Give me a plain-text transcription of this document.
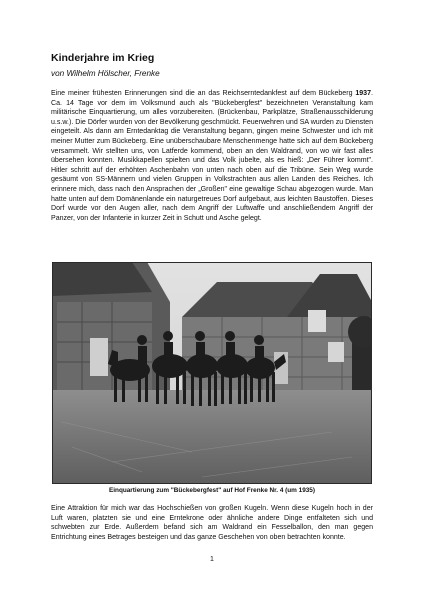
Kinderjahre im Krieg

von Wilhelm Hölscher, Frenke

Eine meiner frühesten Erinnerungen sind die an das Reichserntedankfest auf dem Bückeberg 1937. Ca. 14 Tage vor dem im Volksmund auch als "Bückebergfest" bezeichneten Veranstaltung kam militärische Einquartierung, um alles vorzubereiten. (Brückenbau, Parkplätze, Straßenausschilderung u.s.w.). Die Dörfer wurden von der Bevölkerung geschmückt. Feuerwehren und SA wurden zu Diensten eingeteilt. Als dann am Erntedanktag die Veranstaltung begann, gingen meine Schwester und ich mit meiner Mutter zum Bückeberg. Eine unüberschaubare Menschenmenge hatte sich auf dem Bückeberg versammelt. Wir stellten uns, von Latferde kommend, oben an den Waldrand, von wo wir fast alles übersehen konnten. Musikkapellen spielten und das Volk jubelte, als es hieß: „Der Führer kommt". Hitler schritt auf der erhöhten Aschenbahn von unten nach oben auf die Tribüne. Sein Weg wurde gesäumt von SS-Männern und vielen Gruppen in Volkstrachten aus allen Landen des Reiches. Ich erinnere mich, dass nach den Ansprachen der „Großen" eine gewaltige Schau abgezogen wurde. Man hatte unten auf dem Domänenlande ein naturgetreues Dorf aufgebaut, aus leichten Baustoffen. Dieses Dorf wurde vor den Augen aller, nach dem Angriff der Luftwaffe und anschließendem Angriff der Panzer, von der Infanterie in kurzer Zeit in Schutt und Asche gelegt.

Einquartierung zum "Bückebergfest" auf Hof Frenke Nr. 4 (um 1935)

Eine Attraktion für mich war das Hochschießen von großen Kugeln. Wenn diese Kugeln hoch in der Luft waren, platzten sie und eine Erntekrone oder ähnliche andere Dinge entfalteten sich und schwebten zur Erde. Außerdem befand sich am Waldrand ein Fesselballon, den man gegen Entrichtung eines Betrages besteigen und das ganze Geschehen von oben betrachten konnte.

1
